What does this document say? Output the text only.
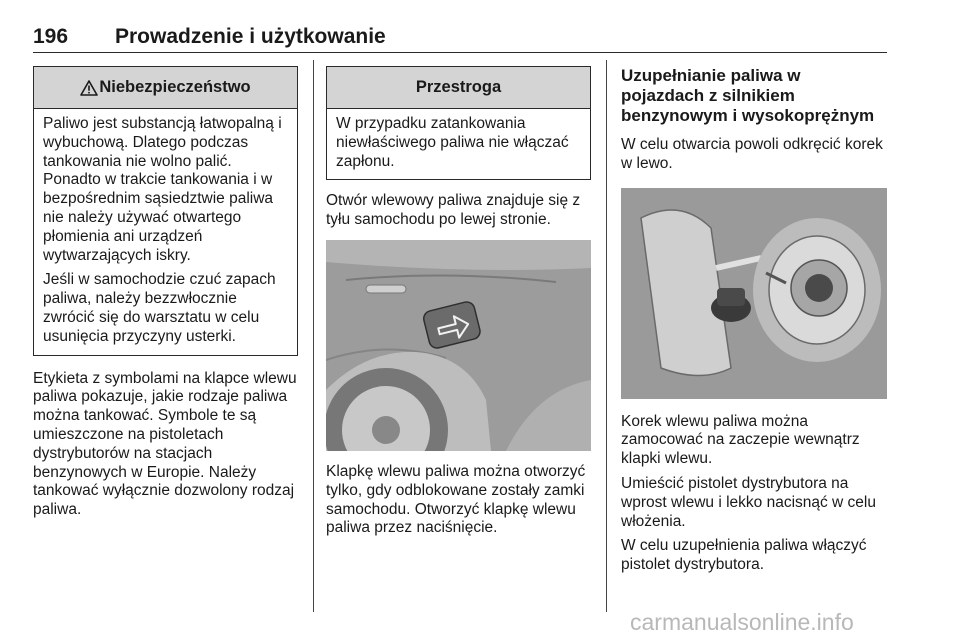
196 Prowadzenie i użytkowanie
Niebezpieczeństwo

Paliwo jest substancją łatwopalną i wybuchową. Dlatego podczas tankowania nie wolno palić. Ponadto w trakcie tankowania i w bezpośrednim sąsiedztwie paliwa nie należy używać otwartego płomienia ani urządzeń wytwarzających iskry.

Jeśli w samochodzie czuć zapach paliwa, należy bezzwłocznie zwrócić się do warsztatu w celu usunięcia przyczyny usterki.

Etykieta z symbolami na klapce wlewu paliwa pokazuje, jakie rodzaje paliwa można tankować. Symbole te są umieszczone na pistoletach dystrybutorów na stacjach benzynowych w Europie. Należy tankować wyłącznie dozwolony rodzaj paliwa.

Przestroga

W przypadku zatankowania niewłaściwego paliwa nie włączać zapłonu.

Otwór wlewowy paliwa znajduje się z tyłu samochodu po lewej stronie.

Klapkę wlewu paliwa można otworzyć tylko, gdy odblokowane zostały zamki samochodu. Otworzyć klapkę wlewu paliwa przez naciśnięcie.

Uzupełnianie paliwa w pojazdach z silnikiem benzynowym i wysokoprężnym

W celu otwarcia powoli odkręcić korek w lewo.

Korek wlewu paliwa można zamocować na zaczepie wewnątrz klapki wlewu.

Umieścić pistolet dystrybutora na wprost wlewu i lekko nacisnąć w celu włożenia.

W celu uzupełnienia paliwa włączyć pistolet dystrybutora.

carmanualsonline.info
